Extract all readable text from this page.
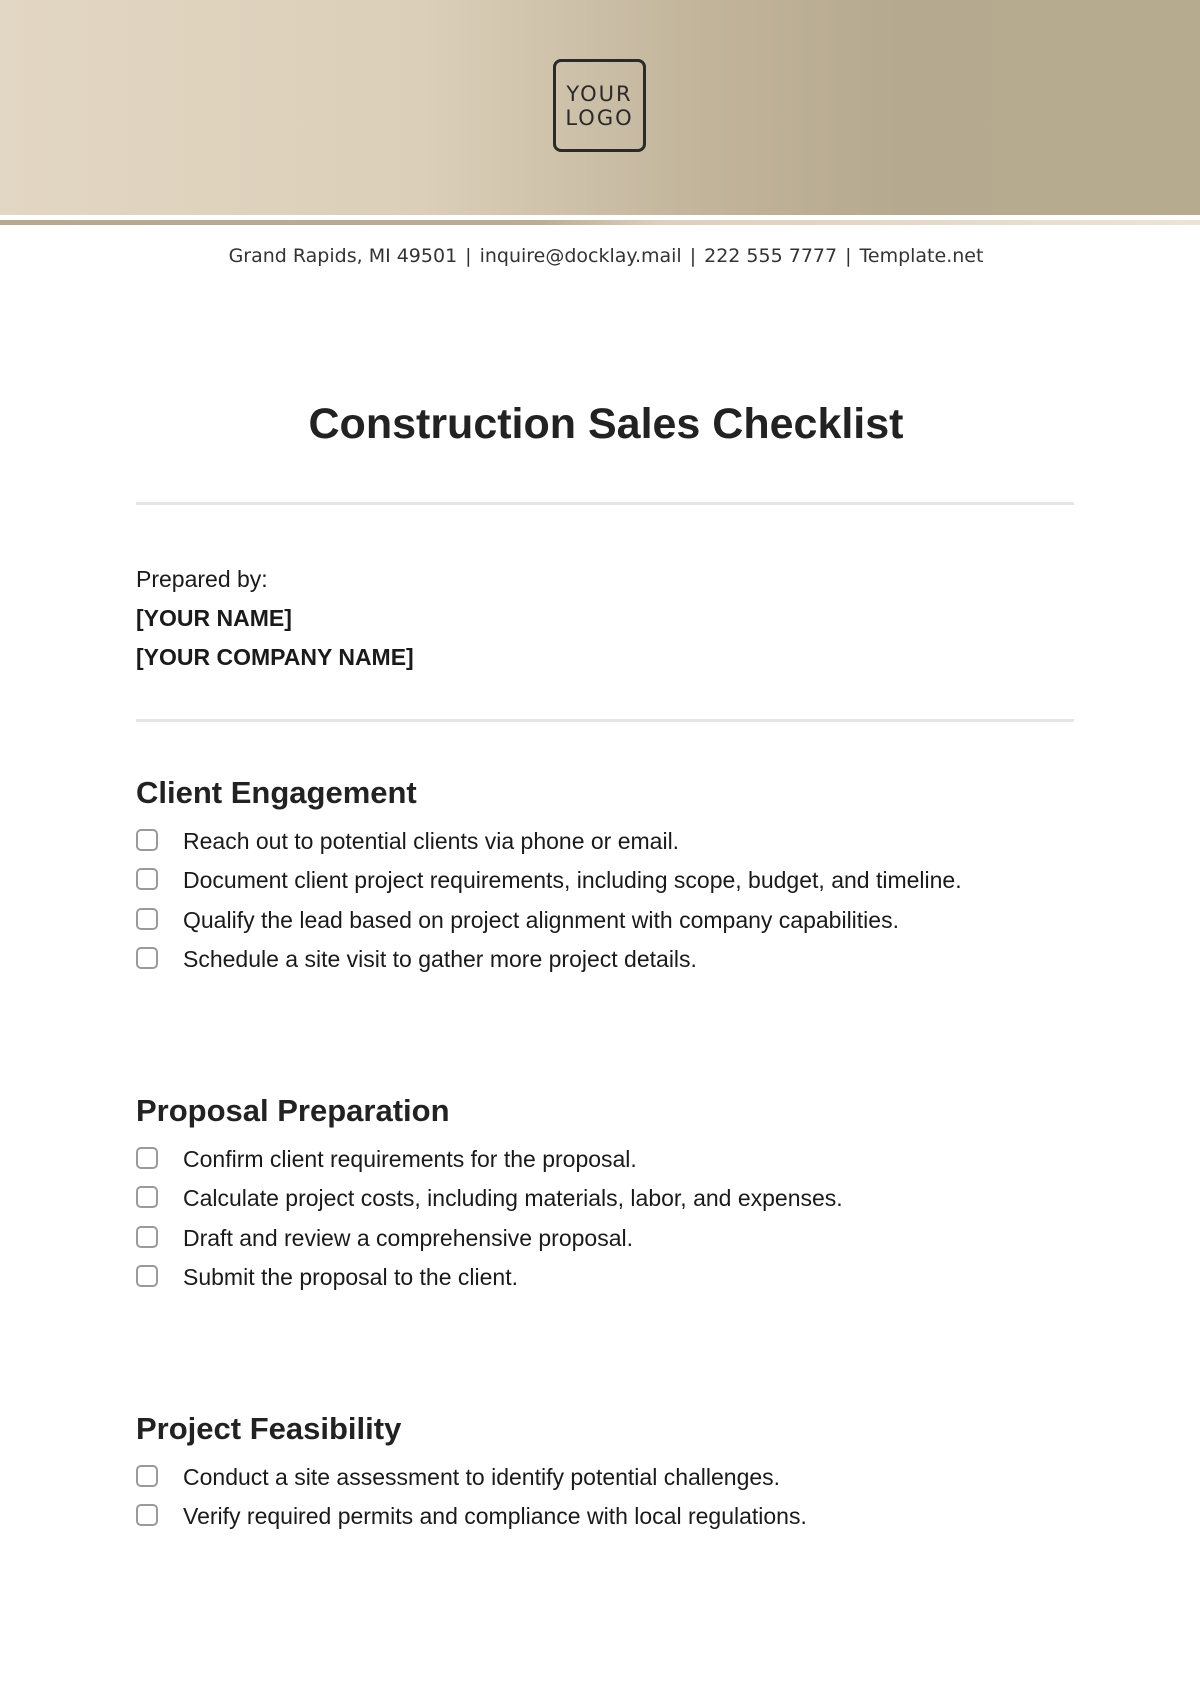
YOUR
LOGO
Grand Rapids, MI 49501 | inquire@docklay.mail | 222 555 7777 | Template.net
Construction Sales Checklist
Prepared by:
[YOUR NAME]
[YOUR COMPANY NAME]
Client Engagement
Reach out to potential clients via phone or email.
Document client project requirements, including scope, budget, and timeline.
Qualify the lead based on project alignment with company capabilities.
Schedule a site visit to gather more project details.
Proposal Preparation
Confirm client requirements for the proposal.
Calculate project costs, including materials, labor, and expenses.
Draft and review a comprehensive proposal.
Submit the proposal to the client.
Project Feasibility
Conduct a site assessment to identify potential challenges.
Verify required permits and compliance with local regulations.
